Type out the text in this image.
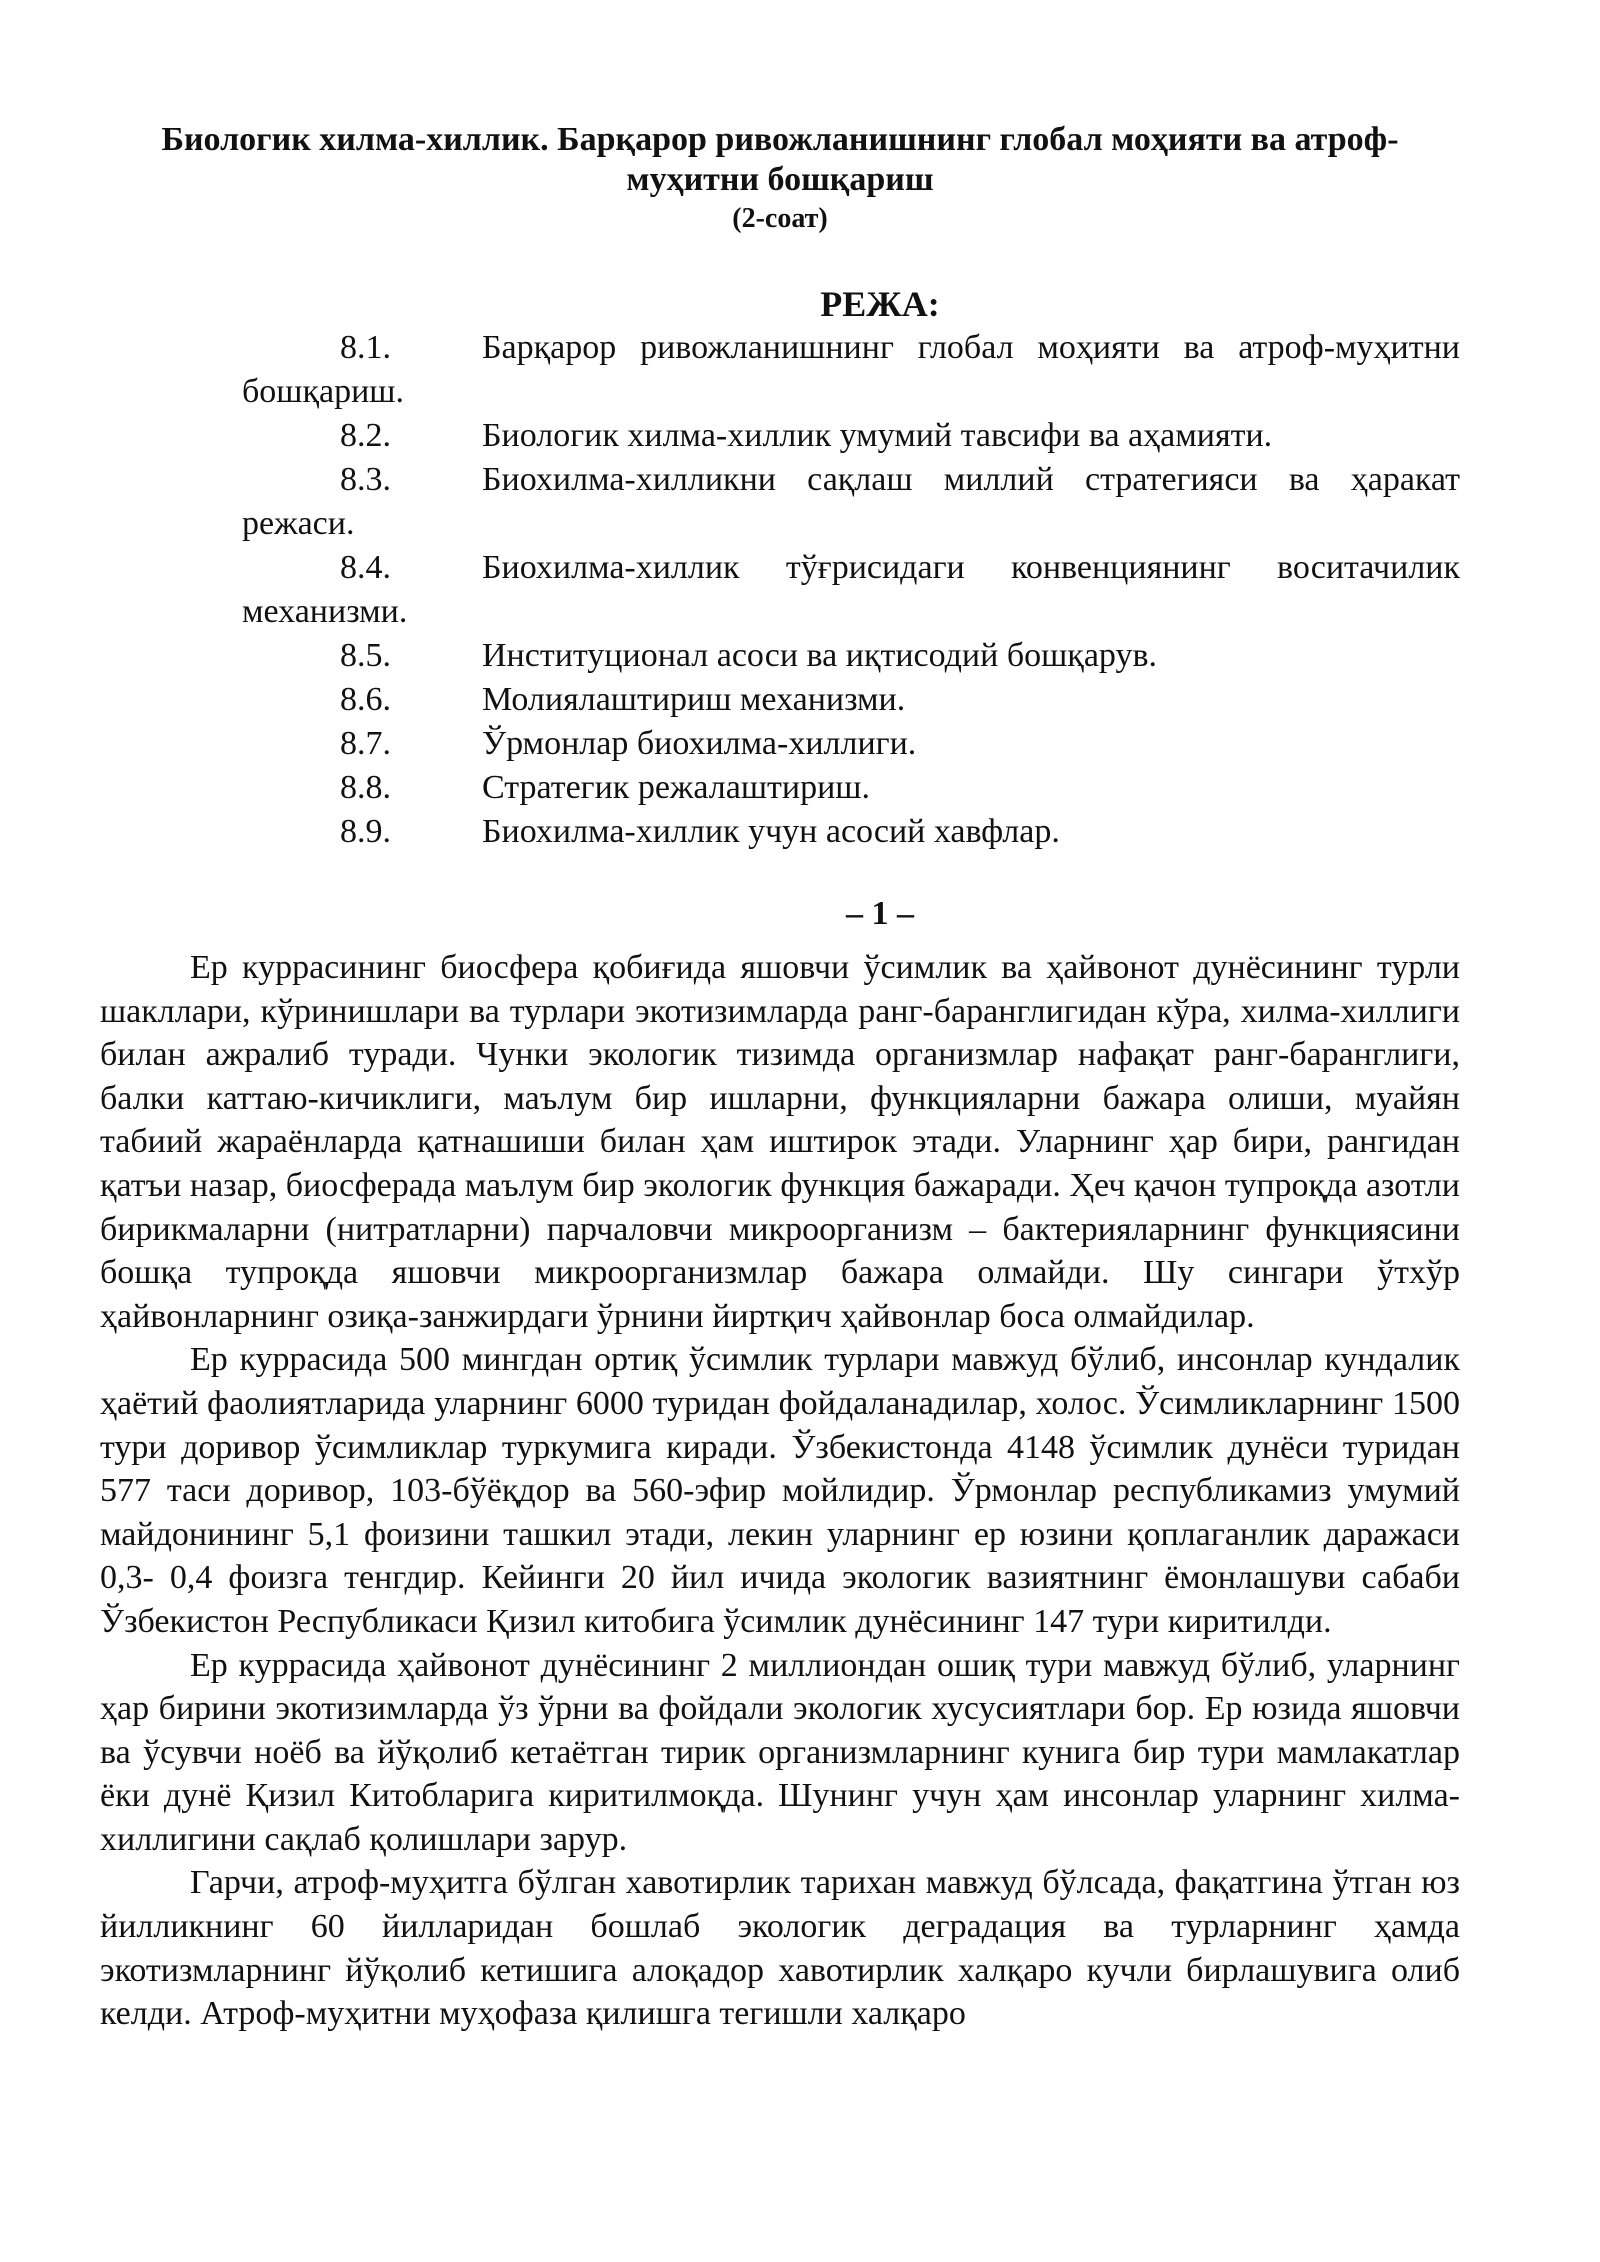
Биологик хилма-хиллик. Барқарор ривожланишнинг глобал моҳияти ва атроф-муҳитни бошқариш
(2-соат)
РЕЖА:
8.1.	Барқарор ривожланишнинг глобал моҳияти ва атроф-муҳитни бошқариш.
8.2.	Биологик хилма-хиллик умумий тавсифи ва аҳамияти.
8.3.	Биохилма-хилликни сақлаш миллий стратегияси ва ҳаракат режаси.
8.4.	Биохилма-хиллик тўғрисидаги конвенциянинг воситачилик механизми.
8.5.	Институционал асоси ва иқтисодий бошқарув.
8.6.	Молиялаштириш механизми.
8.7.	Ўрмонлар биохилма-хиллиги.
8.8.	Стратегик режалаштириш.
8.9.	Биохилма-хиллик учун асосий хавфлар.
– 1 –

Ер куррасининг биосфера қобиғида яшовчи ўсимлик ва ҳайвонот дунёсининг турли шакллари, кўринишлари ва турлари экотизимларда ранг-баранглигидан кўра, хилма-хиллиги билан ажралиб туради. Чунки экологик тизимда организмлар нафақат ранг-баранглиги, балки каттаю-кичиклиги, маълум бир ишларни, функцияларни бажара олиши, муайян табиий жараёнларда қатнашиши билан ҳам иштирок этади. Уларнинг ҳар бири, рангидан қатъи назар, биосферада маълум бир экологик функция бажаради. Ҳеч қачон тупроқда азотли бирикмаларни (нитратларни) парчаловчи микроорганизм – бактерияларнинг функциясини бошқа тупроқда яшовчи микроорганизмлар бажара олмайди. Шу сингари ўтхўр ҳайвонларнинг озиқа-занжирдаги ўрнини йиртқич ҳайвонлар боса олмайдилар.

Ер куррасида 500 мингдан ортиқ ўсимлик турлари мавжуд бўлиб, инсонлар кундалик ҳаётий фаолиятларида уларнинг 6000 туридан фойдаланадилар, холос. Ўсимликларнинг 1500 тури доривор ўсимликлар туркумига киради. Ўзбекистонда 4148 ўсимлик дунёси туридан 577 таси доривор, 103-бўёқдор ва 560-эфир мойлидир. Ўрмонлар республикамиз умумий майдонининг 5,1 фоизини ташкил этади, лекин уларнинг ер юзини қоплаганлик даражаси 0,3- 0,4 фоизга тенгдир. Кейинги 20 йил ичида экологик вазиятнинг ёмонлашуви сабаби Ўзбекистон Республикаси Қизил китобига ўсимлик дунёсининг 147 тури киритилди.

Ер куррасида ҳайвонот дунёсининг 2 миллиондан ошиқ тури мавжуд бўлиб, уларнинг ҳар бирини экотизимларда ўз ўрни ва фойдали экологик хусусиятлари бор. Ер юзида яшовчи ва ўсувчи ноёб ва йўқолиб кетаётган тирик организмларнинг кунига бир тури мамлакатлар ёки дунё Қизил Китобларига киритилмоқда. Шунинг учун ҳам инсонлар уларнинг хилма- хиллигини сақлаб қолишлари зарур.

Гарчи, атроф-муҳитга бўлган хавотирлик тарихан мавжуд бўлсада, фақатгина ўтган юз йилликнинг 60 йилларидан бошлаб экологик деградация ва турларнинг ҳамда экотизмларнинг йўқолиб кетишига алоқадор хавотирлик халқаро кучли бирлашувига олиб келди. Атроф-муҳитни муҳофаза қилишга тегишли халқаро
